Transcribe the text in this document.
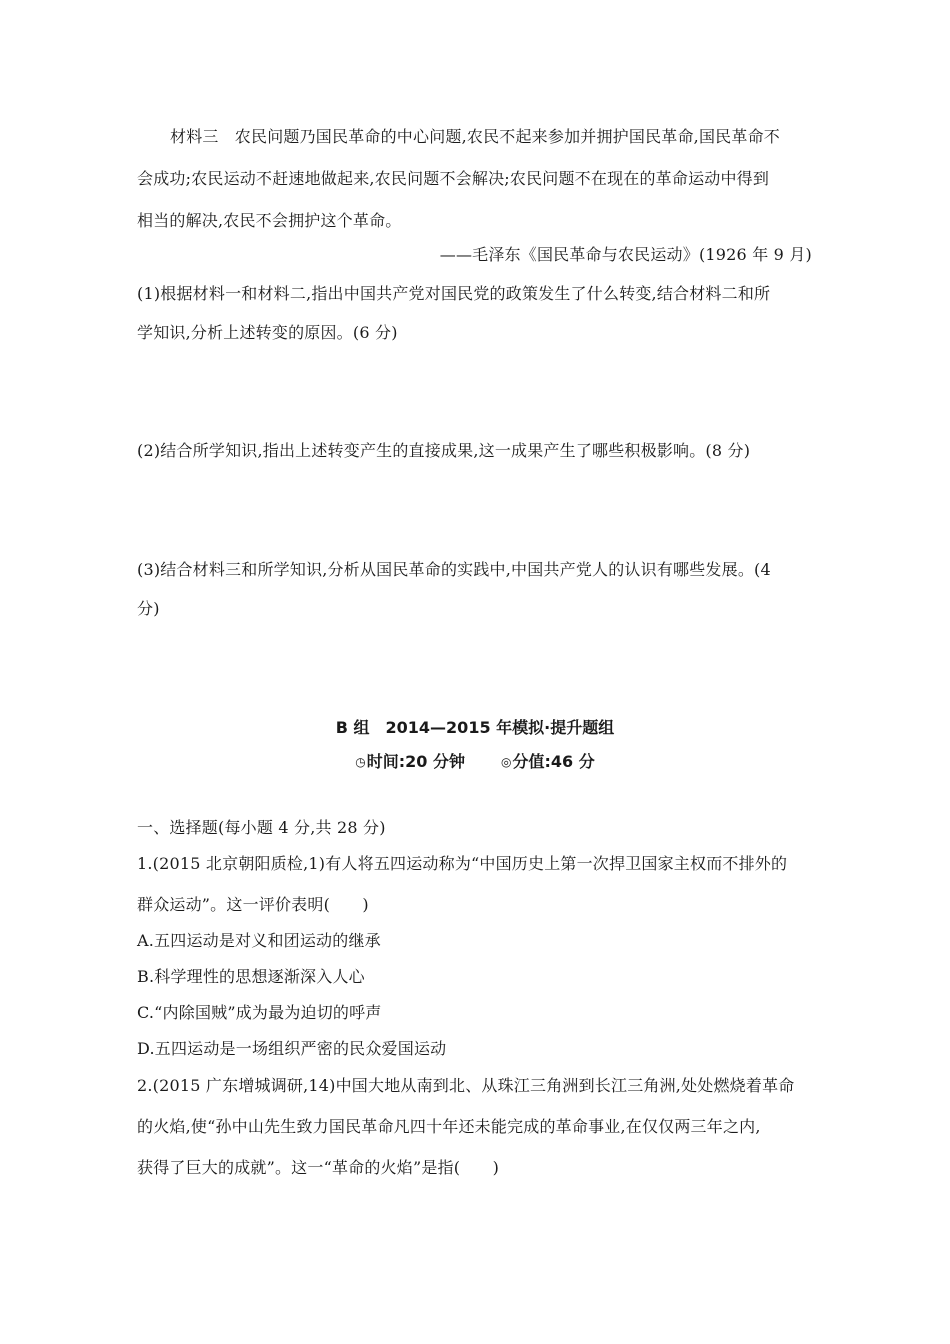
材料三　农民问题乃国民革命的中心问题,农民不起来参加并拥护国民革命,国民革命不
会成功;农民运动不赶速地做起来,农民问题不会解决;农民问题不在现在的革命运动中得到
相当的解决,农民不会拥护这个革命。
——毛泽东《国民革命与农民运动》(1926 年 9 月)
(1)根据材料一和材料二,指出中国共产党对国民党的政策发生了什么转变,结合材料二和所
学知识,分析上述转变的原因。(6 分)
(2)结合所学知识,指出上述转变产生的直接成果,这一成果产生了哪些积极影响。(8 分)
(3)结合材料三和所学知识,分析从国民革命的实践中,中国共产党人的认识有哪些发展。(4
分)
B 组　2014—2015 年模拟·提升题组
◷时间:20 分钟	◎分值:46 分
一、选择题(每小题 4 分,共 28 分)
1.(2015 北京朝阳质检,1)有人将五四运动称为“中国历史上第一次捍卫国家主权而不排外的
群众运动”。这一评价表明(　　)
A.五四运动是对义和团运动的继承
B.科学理性的思想逐渐深入人心
C.“内除国贼”成为最为迫切的呼声
D.五四运动是一场组织严密的民众爱国运动
2.(2015 广东增城调研,14)中国大地从南到北、从珠江三角洲到长江三角洲,处处燃烧着革命
的火焰,使“孙中山先生致力国民革命凡四十年还未能完成的革命事业,在仅仅两三年之内,
获得了巨大的成就”。这一“革命的火焰”是指(　　)
